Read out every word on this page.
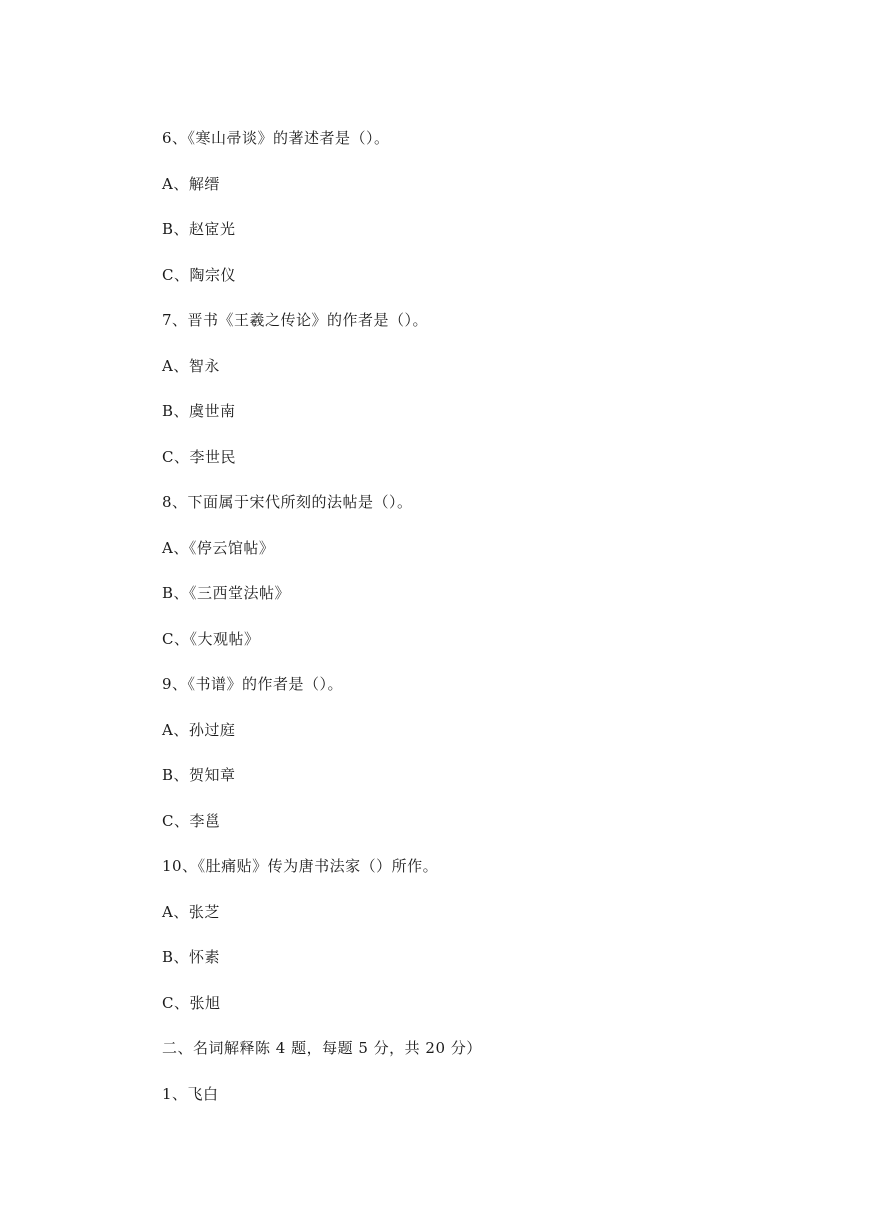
6、《寒山帚谈》的著述者是（）。
A、解缙
B、赵宧光
C、陶宗仪
7、晋书《王羲之传论》的作者是（）。
A、智永
B、虞世南
C、李世民
8、下面属于宋代所刻的法帖是（）。
A、《停云馆帖》
B、《三西堂法帖》
C、《大观帖》
9、《书谱》的作者是（）。
A、孙过庭
B、贺知章
C、李邕
10、《肚痛贴》传为唐书法家（）所作。
A、张芝
B、怀素
C、张旭
二、名词解释陈 4 题，每题 5 分，共 20 分）
1、飞白
